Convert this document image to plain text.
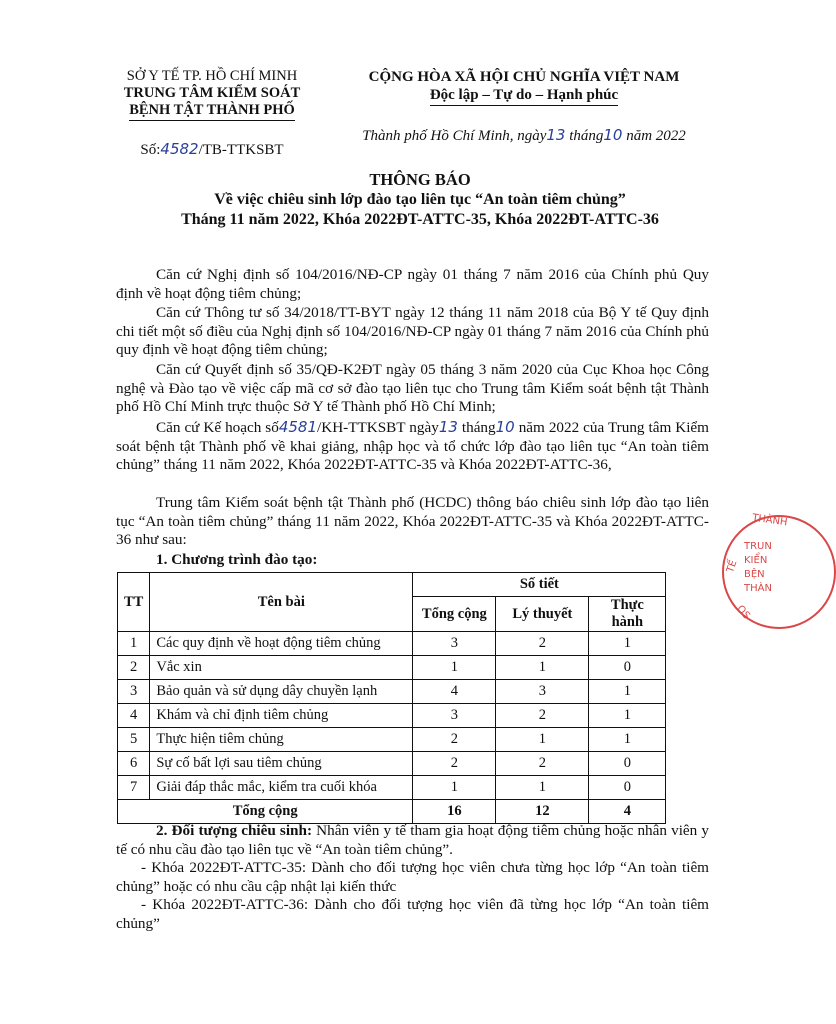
SỞ Y TẾ TP. HỒ CHÍ MINH
TRUNG TÂM KIỂM SOÁT
BỆNH TẬT THÀNH PHỐ
Số:4582/TB-TTKSBT
CỘNG HÒA XÃ HỘI CHỦ NGHĨA VIỆT NAM
Độc lập – Tự do – Hạnh phúc
Thành phố Hồ Chí Minh, ngày13 tháng10 năm 2022
THÔNG BÁO
Về việc chiêu sinh lớp đào tạo liên tục “An toàn tiêm chủng”
Tháng 11 năm 2022, Khóa 2022ĐT-ATTC-35, Khóa 2022ĐT-ATTC-36
Căn cứ Nghị định số 104/2016/NĐ-CP ngày 01 tháng 7 năm 2016 của Chính phủ Quy định về hoạt động tiêm chủng;
Căn cứ Thông tư số 34/2018/TT-BYT ngày 12 tháng 11 năm 2018 của Bộ Y tế Quy định chi tiết một số điều của Nghị định số 104/2016/NĐ-CP ngày 01 tháng 7 năm 2016 của Chính phủ quy định về hoạt động tiêm chủng;
Căn cứ Quyết định số 35/QĐ-K2ĐT ngày 05 tháng 3 năm 2020 của Cục Khoa học Công nghệ và Đào tạo về việc cấp mã cơ sở đào tạo liên tục cho Trung tâm Kiểm soát bệnh tật Thành phố Hồ Chí Minh trực thuộc Sở Y tế Thành phố Hồ Chí Minh;
Căn cứ Kế hoạch số4581/KH-TTKSBT ngày13 tháng10 năm 2022 của Trung tâm Kiểm soát bệnh tật Thành phố về khai giảng, nhập học và tổ chức lớp đào tạo liên tục “An toàn tiêm chủng” tháng 11 năm 2022, Khóa 2022ĐT-ATTC-35 và Khóa 2022ĐT-ATTC-36,
Trung tâm Kiểm soát bệnh tật Thành phố (HCDC) thông báo chiêu sinh lớp đào tạo liên tục “An toàn tiêm chủng” tháng 11 năm 2022, Khóa 2022ĐT-ATTC-35 và Khóa 2022ĐT-ATTC-36 như sau:
1. Chương trình đào tạo:
TT	Tên bài	Số tiết		
		Tổng cộng	Lý thuyết	Thực hành
1	Các quy định về hoạt động tiêm chủng	3	2	1
2	Vắc xin	1	1	0
3	Bảo quản và sử dụng dây chuyền lạnh	4	3	1
4	Khám và chỉ định tiêm chủng	3	2	1
5	Thực hiện tiêm chủng	2	1	1
6	Sự cố bất lợi sau tiêm chủng	2	2	0
7	Giải đáp thắc mắc, kiểm tra cuối khóa	1	1	0
Tổng cộng		16	12	4
2. Đối tượng chiêu sinh: Nhân viên y tế tham gia hoạt động tiêm chủng hoặc nhân viên y tế có nhu cầu đào tạo liên tục về “An toàn tiêm chủng”.
- Khóa 2022ĐT-ATTC-35: Dành cho đối tượng học viên chưa từng học lớp “An toàn tiêm chủng” hoặc có nhu cầu cập nhật lại kiến thức
- Khóa 2022ĐT-ATTC-36: Dành cho đối tượng học viên đã từng học lớp “An toàn tiêm chủng”
THÀNH
TẾ
TRUN
KIỂN
BỆN
THÀN
OS
